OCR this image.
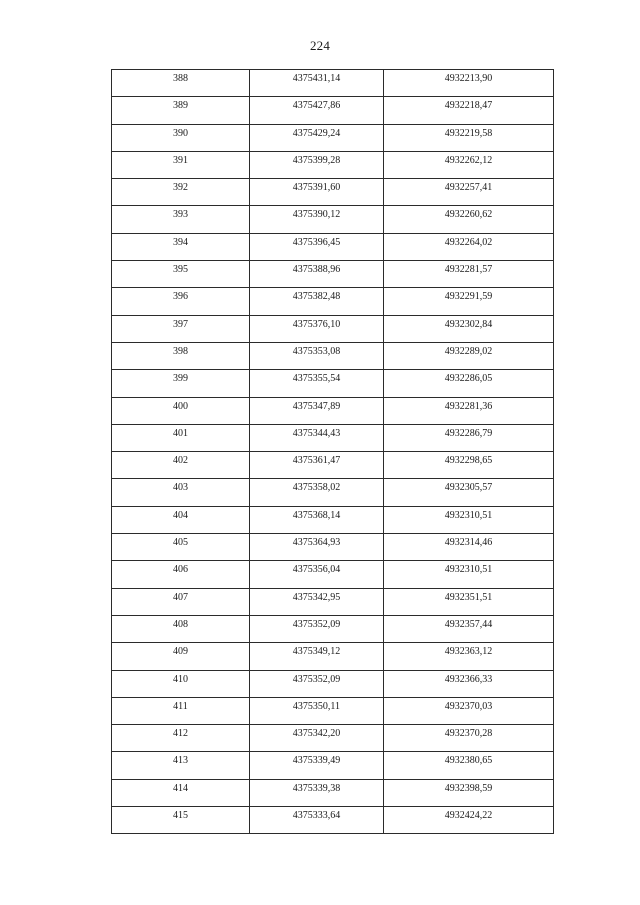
224
388	4375431,14	4932213,90

389	4375427,86	4932218,47

390	4375429,24	4932219,58

391	4375399,28	4932262,12

392	4375391,60	4932257,41

393	4375390,12	4932260,62

394	4375396,45	4932264,02

395	4375388,96	4932281,57

396	4375382,48	4932291,59

397	4375376,10	4932302,84

398	4375353,08	4932289,02

399	4375355,54	4932286,05

400	4375347,89	4932281,36

401	4375344,43	4932286,79

402	4375361,47	4932298,65

403	4375358,02	4932305,57

404	4375368,14	4932310,51

405	4375364,93	4932314,46

406	4375356,04	4932310,51

407	4375342,95	4932351,51

408	4375352,09	4932357,44

409	4375349,12	4932363,12

410	4375352,09	4932366,33

411	4375350,11	4932370,03

412	4375342,20	4932370,28

413	4375339,49	4932380,65

414	4375339,38	4932398,59

415	4375333,64	4932424,22
